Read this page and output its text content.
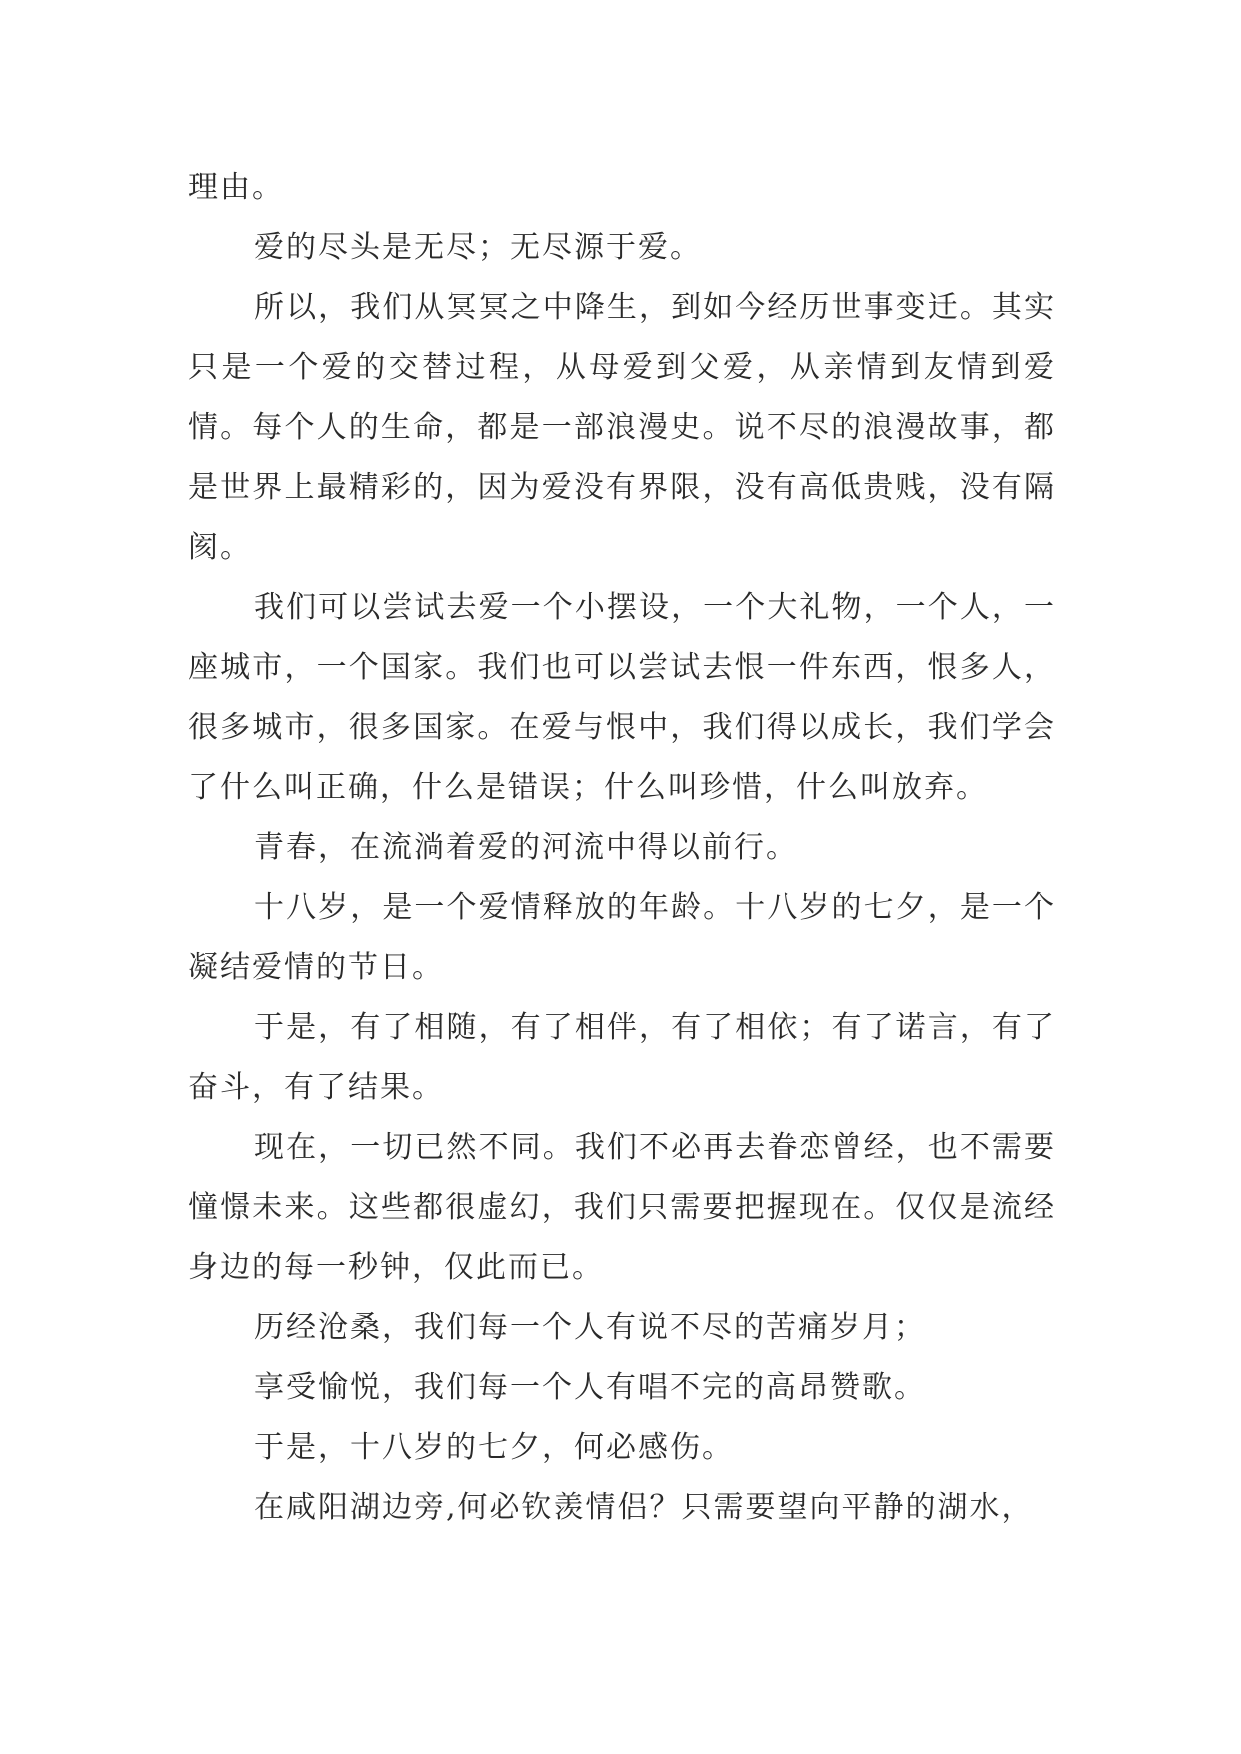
理由。

爱的尽头是无尽；无尽源于爱。

所以，我们从冥冥之中降生，到如今经历世事变迁。其实只是一个爱的交替过程，从母爱到父爱，从亲情到友情到爱情。每个人的生命，都是一部浪漫史。说不尽的浪漫故事，都是世界上最精彩的，因为爱没有界限，没有高低贵贱，没有隔阂。

我们可以尝试去爱一个小摆设，一个大礼物，一个人，一座城市，一个国家。我们也可以尝试去恨一件东西，恨多人，很多城市，很多国家。在爱与恨中，我们得以成长，我们学会了什么叫正确，什么是错误；什么叫珍惜，什么叫放弃。

青春，在流淌着爱的河流中得以前行。

十八岁，是一个爱情释放的年龄。十八岁的七夕，是一个凝结爱情的节日。

于是，有了相随，有了相伴，有了相依；有了诺言，有了奋斗，有了结果。

现在，一切已然不同。我们不必再去眷恋曾经，也不需要憧憬未来。这些都很虚幻，我们只需要把握现在。仅仅是流经身边的每一秒钟，仅此而已。

历经沧桑，我们每一个人有说不尽的苦痛岁月；

享受愉悦，我们每一个人有唱不完的高昂赞歌。

于是，十八岁的七夕，何必感伤。

在咸阳湖边旁,何必钦羡情侣？只需要望向平静的湖水，
